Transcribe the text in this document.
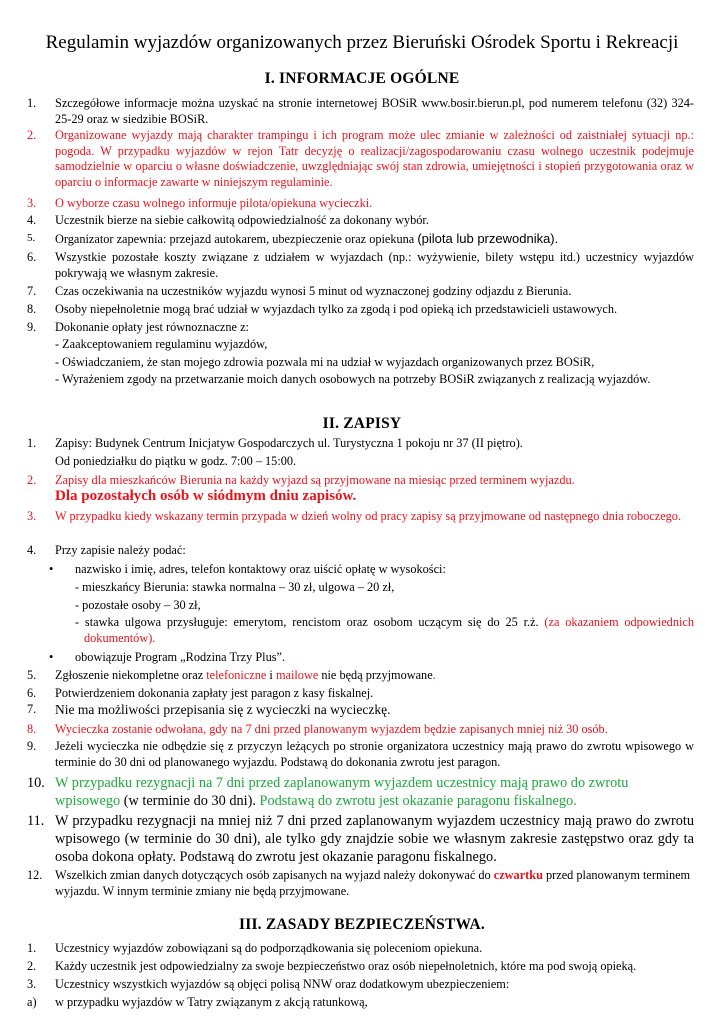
Regulamin wyjazdów organizowanych przez Bieruński Ośrodek Sportu i Rekreacji
I. INFORMACJE OGÓLNE
1.	Szczegółowe informacje można uzyskać na stronie internetowej BOSiR www.bosir.bierun.pl, pod numerem telefonu (32) 324-25-29 oraz w siedzibie BOSiR.
2.	Organizowane wyjazdy mają charakter trampingu i ich program może ulec zmianie w zależności od zaistniałej sytuacji np.: pogoda. W przypadku wyjazdów w rejon Tatr decyzję o realizacji/zagospodarowaniu czasu wolnego uczestnik podejmuje samodzielnie w oparciu o własne doświadczenie, uwzględniając swój stan zdrowia, umiejętności i stopień przygotowania oraz w oparciu o informacje zawarte w niniejszym regulaminie.
3.	O wyborze czasu wolnego informuje pilota/opiekuna wycieczki.
4.	Uczestnik bierze na siebie całkowitą odpowiedzialność za dokonany wybór.
5.	Organizator zapewnia: przejazd autokarem, ubezpieczenie oraz opiekuna (pilota lub przewodnika).
6.	Wszystkie pozostałe koszty związane z udziałem w wyjazdach (np.: wyżywienie, bilety wstępu itd.) uczestnicy wyjazdów pokrywają we własnym zakresie.
7.	Czas oczekiwania na uczestników wyjazdu wynosi 5 minut od wyznaczonej godziny odjazdu z Bierunia.
8.	Osoby niepełnoletnie mogą brać udział w wyjazdach tylko za zgodą i pod opieką ich przedstawicieli ustawowych.
9.	Dokonanie opłaty jest równoznaczne z:
- Zaakceptowaniem regulaminu wyjazdów,
- Oświadczaniem, że stan mojego zdrowia pozwala mi na udział w wyjazdach organizowanych przez BOSiR,
- Wyrażeniem zgody na przetwarzanie moich danych osobowych na potrzeby BOSiR związanych z realizacją wyjazdów.
II. ZAPISY
1.	Zapisy: Budynek Centrum Inicjatyw Gospodarczych ul. Turystyczna 1 pokoju nr 37 (II piętro).
Od poniedziałku do piątku w godz. 7:00 – 15:00.
2.	Zapisy dla mieszkańców Bierunia na każdy wyjazd są przyjmowane na miesiąc przed terminem wyjazdu.
Dla pozostałych osób w siódmym dniu zapisów.
3.	W przypadku kiedy wskazany termin przypada w dzień wolny od pracy zapisy są przyjmowane od następnego dnia roboczego.
4.	Przy zapisie należy podać:
• nazwisko i imię, adres, telefon kontaktowy oraz uiścić opłatę w wysokości:
- mieszkańcy Bierunia: stawka normalna – 30 zł, ulgowa – 20 zł,
- pozostałe osoby – 30 zł,
- stawka ulgowa przysługuje: emerytom, rencistom oraz osobom uczącym się do 25 r.ż. (za okazaniem odpowiednich dokumentów).
• obowiązuje Program „Rodzina Trzy Plus”.
5.	Zgłoszenie niekompletne oraz telefoniczne i mailowe nie będą przyjmowane.
6.	Potwierdzeniem dokonania zapłaty jest paragon z kasy fiskalnej.
7.	Nie ma możliwości przepisania się z wycieczki na wycieczkę.
8.	Wycieczka zostanie odwołana, gdy na 7 dni przed planowanym wyjazdem będzie zapisanych mniej niż 30 osób.
9.	Jeżeli wycieczka nie odbędzie się z przyczyn leżących po stronie organizatora uczestnicy mają prawo do zwrotu wpisowego w terminie do 30 dni od planowanego wyjazdu. Podstawą do dokonania zwrotu jest paragon.
10. W przypadku rezygnacji na 7 dni przed zaplanowanym wyjazdem uczestnicy mają prawo do zwrotu wpisowego (w terminie do 30 dni). Podstawą do zwrotu jest okazanie paragonu fiskalnego.
11. W przypadku rezygnacji na mniej niż 7 dni przed zaplanowanym wyjazdem uczestnicy mają prawo do zwrotu wpisowego (w terminie do 30 dni), ale tylko gdy znajdzie sobie we własnym zakresie zastępstwo oraz gdy ta osoba dokona opłaty. Podstawą do zwrotu jest okazanie paragonu fiskalnego.
12.	Wszelkich zmian danych dotyczących osób zapisanych na wyjazd należy dokonywać do czwartku przed planowanym terminem wyjazdu. W innym terminie zmiany nie będą przyjmowane.
III. ZASADY BEZPIECZEŃSTWA.
1.	Uczestnicy wyjazdów zobowiązani są do podporządkowania się poleceniom opiekuna.
2.	Każdy uczestnik jest odpowiedzialny za swoje bezpieczeństwo oraz osób niepełnoletnich, które ma pod swoją opieką.
3.	Uczestnicy wszystkich wyjazdów są objęci polisą NNW oraz dodatkowym ubezpieczeniem:
a)	w przypadku wyjazdów w Tatry związanym z akcją ratunkową,
